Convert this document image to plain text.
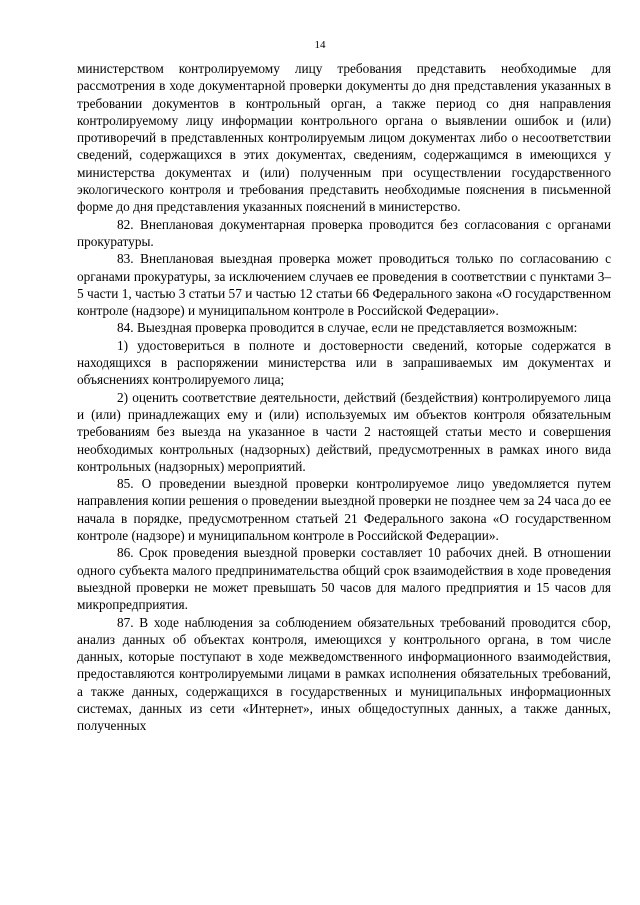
14

министерством контролируемому лицу требования представить необходимые для рассмотрения в ходе документарной проверки документы до дня представления указанных в требовании документов в контрольный орган, а также период со дня направления контролируемому лицу информации контрольного органа о выявлении ошибок и (или) противоречий в представленных контролируемым лицом документах либо о несоответствии сведений, содержащихся в этих документах, сведениям, содержащимся в имеющихся у министерства документах и (или) полученным при осуществлении государственного экологического контроля и требования представить необходимые пояснения в письменной форме до дня представления указанных пояснений в министерство.

82. Внеплановая документарная проверка проводится без согласования с органами прокуратуры.

83. Внеплановая выездная проверка может проводиться только по согласованию с органами прокуратуры, за исключением случаев ее проведения в соответствии с пунктами 3–5 части 1, частью 3 статьи 57 и частью 12 статьи 66 Федерального закона «О государственном контроле (надзоре) и муниципальном контроле в Российской Федерации».

84. Выездная проверка проводится в случае, если не представляется возможным:

1) удостовериться в полноте и достоверности сведений, которые содержатся в находящихся в распоряжении министерства или в запрашиваемых им документах и объяснениях контролируемого лица;

2) оценить соответствие деятельности, действий (бездействия) контролируемого лица и (или) принадлежащих ему и (или) используемых им объектов контроля обязательным требованиям без выезда на указанное в части 2 настоящей статьи место и совершения необходимых контрольных (надзорных) действий, предусмотренных в рамках иного вида контрольных (надзорных) мероприятий.

85. О проведении выездной проверки контролируемое лицо уведомляется путем направления копии решения о проведении выездной проверки не позднее чем за 24 часа до ее начала в порядке, предусмотренном статьей 21 Федерального закона «О государственном контроле (надзоре) и муниципальном контроле в Российской Федерации».

86. Срок проведения выездной проверки составляет 10 рабочих дней. В отношении одного субъекта малого предпринимательства общий срок взаимодействия в ходе проведения выездной проверки не может превышать 50 часов для малого предприятия и 15 часов для микропредприятия.

87. В ходе наблюдения за соблюдением обязательных требований проводится сбор, анализ данных об объектах контроля, имеющихся у контрольного органа, в том числе данных, которые поступают в ходе межведомственного информационного взаимодействия, предоставляются контролируемыми лицами в рамках исполнения обязательных требований, а также данных, содержащихся в государственных и муниципальных информационных системах, данных из сети «Интернет», иных общедоступных данных, а также данных, полученных
